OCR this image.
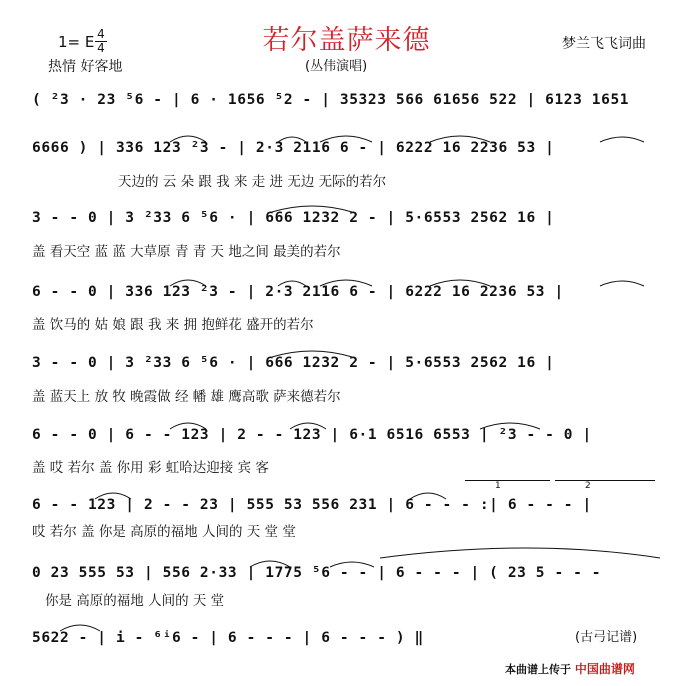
若尔盖萨来德
1= E 4
4
热情 好客地
梦兰飞飞词曲
(丛伟演唱)
( ²3 · 23 ⁵6 - | 6 · 1656 ⁵2 - | 35323 566 61656 522 | 6123 1651
6666 ) | 336 123 ²3 - | 2·3 2116 6 - | 6222 16 2236 53 |
天边的 云 朵 跟 我 来 走 进 无边 无际的若尔
3 - - 0 | 3 ²33 6 ⁵6 · | 666 1232 2 - | 5·6553 2562 16 |
盖 看天空 蓝 蓝 大草原 青 青 天 地之间 最美的若尔
6 - - 0 | 336 123 ²3 - | 2·3 2116 6 - | 6222 16 2236 53 |
盖 饮马的 姑 娘 跟 我 来 拥 抱鲜花 盛开的若尔
3 - - 0 | 3 ²33 6 ⁵6 · | 666 1232 2 - | 5·6553 2562 16 |
盖 蓝天上 放 牧 晚霞做 经 幡 雄 鹰高歌 萨来德若尔
6 - - 0 | 6 - - 123 | 2 - - 123 | 6·1 6516 6553 | ²3 - - 0 |
盖 哎 若尔 盖 你用 彩 虹哈达迎接 宾 客
$^1$	$^2$
6 - - 123 | 2 - - 23 | 555 53 556 231 | 6 - - - :| 6 - - - |
哎 若尔 盖 你是 高原的福地 人间的 天 堂 堂
0 23 555 53 | 556 2·33 | 1775 ⁵6 - - | 6 - - - | ( 23 5 - - -
你是 高原的福地 人间的 天 堂
5622 - | i - ⁶ⁱ6 - | 6 - - - | 6 - - - ) ‖	(古弓记谱)
本曲谱上传于 中国曲谱网
